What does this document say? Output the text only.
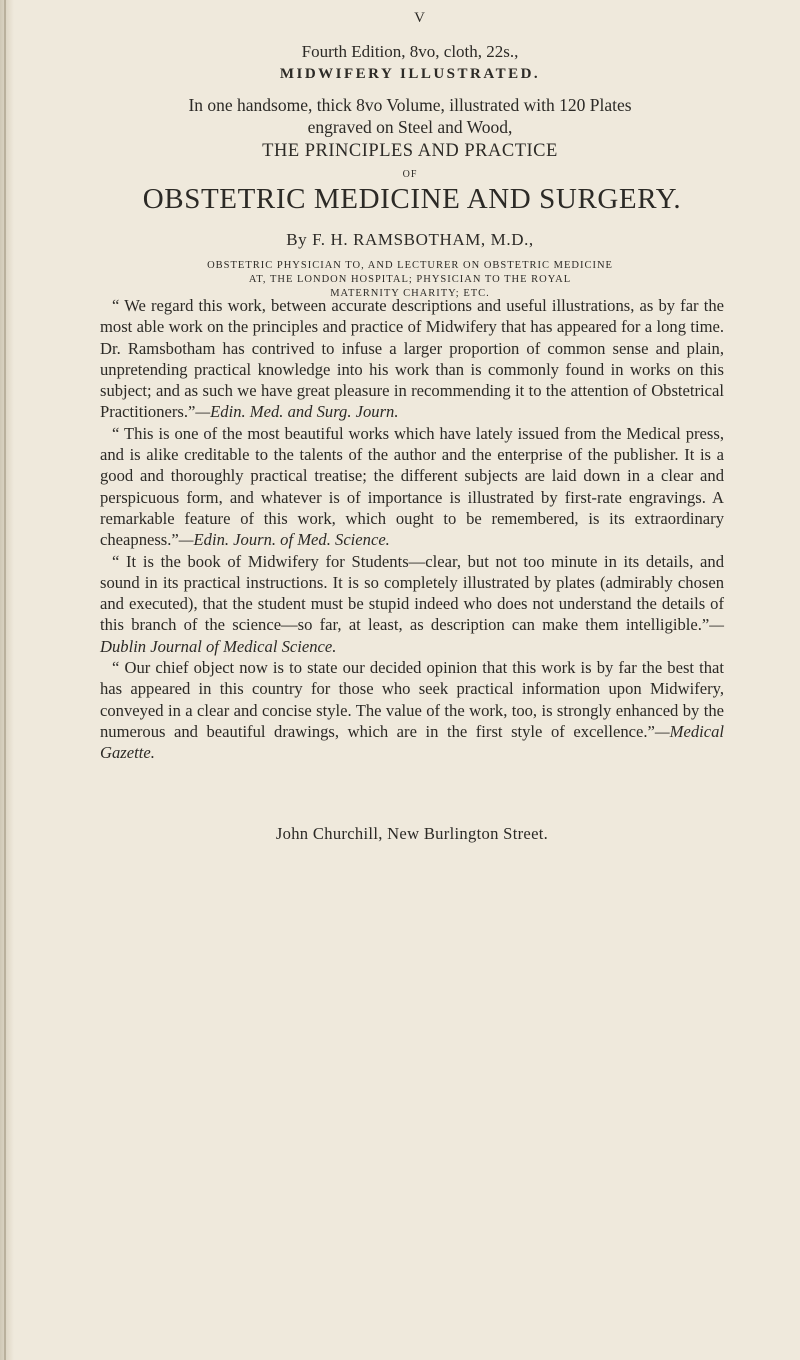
V
Fourth Edition, 8vo, cloth, 22s.,
MIDWIFERY ILLUSTRATED.
In one handsome, thick 8vo Volume, illustrated with 120 Plates
engraved on Steel and Wood,
THE PRINCIPLES AND PRACTICE
OF
OBSTETRIC MEDICINE AND SURGERY.
By F. H. RAMSBOTHAM, M.D.,
OBSTETRIC PHYSICIAN TO, AND LECTURER ON OBSTETRIC MEDICINE
AT, THE LONDON HOSPITAL; PHYSICIAN TO THE ROYAL
MATERNITY CHARITY; ETC.

“ We regard this work, between accurate descriptions and useful illustrations, as by far the most able work on the principles and practice of Midwifery that has appeared for a long time. Dr. Ramsbotham has contrived to infuse a larger proportion of common sense and plain, unpretending practical knowledge into his work than is commonly found in works on this subject; and as such we have great pleasure in recommending it to the attention of Obstetrical Practitioners.”—Edin. Med. and Surg. Journ.

“ This is one of the most beautiful works which have lately issued from the Medical press, and is alike creditable to the talents of the author and the enterprise of the publisher. It is a good and thoroughly practical treatise; the different subjects are laid down in a clear and perspicuous form, and whatever is of importance is illustrated by first-rate engravings. A remarkable feature of this work, which ought to be remembered, is its extraordinary cheapness.”—Edin. Journ. of Med. Science.

“ It is the book of Midwifery for Students—clear, but not too minute in its details, and sound in its practical instructions. It is so completely illustrated by plates (admirably chosen and executed), that the student must be stupid indeed who does not understand the details of this branch of the science—so far, at least, as description can make them intelligible.”—Dublin Journal of Medical Science.

“ Our chief object now is to state our decided opinion that this work is by far the best that has appeared in this country for those who seek practical information upon Midwifery, conveyed in a clear and concise style. The value of the work, too, is strongly enhanced by the numerous and beautiful drawings, which are in the first style of excellence.”—Medical Gazette.

John Churchill, New Burlington Street.
